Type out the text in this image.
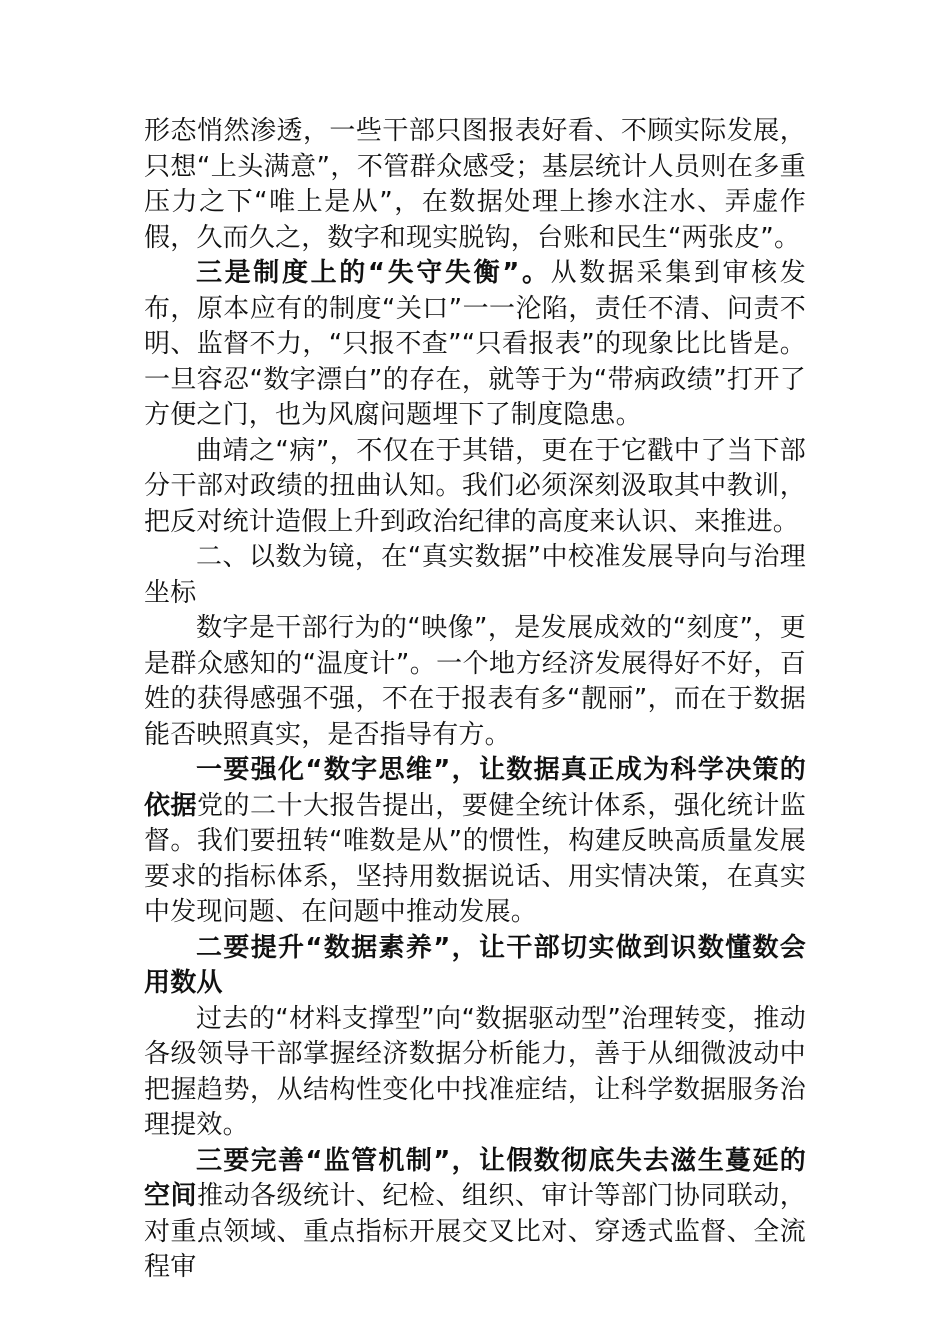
形态悄然渗透，一些干部只图报表好看、不顾实际发展，只想“上头满意”，不管群众感受；基层统计人员则在多重压力之下“唯上是从”，在数据处理上掺水注水、弄虚作假，久而久之，数字和现实脱钩，台账和民生“两张皮”。

三是制度上的“失守失衡”。从数据采集到审核发布，原本应有的制度“关口”一一沦陷，责任不清、问责不明、监督不力，“只报不查”“只看报表”的现象比比皆是。一旦容忍“数字漂白”的存在，就等于为“带病政绩”打开了方便之门，也为风腐问题埋下了制度隐患。

曲靖之“病”，不仅在于其错，更在于它戳中了当下部分干部对政绩的扭曲认知。我们必须深刻汲取其中教训，把反对统计造假上升到政治纪律的高度来认识、来推进。

二、以数为镜，在“真实数据”中校准发展导向与治理坐标

数字是干部行为的“映像”，是发展成效的“刻度”，更是群众感知的“温度计”。一个地方经济发展得好不好，百姓的获得感强不强，不在于报表有多“靓丽”，而在于数据能否映照真实，是否指导有方。

一要强化“数字思维”，让数据真正成为科学决策的依据党的二十大报告提出，要健全统计体系，强化统计监督。我们要扭转“唯数是从”的惯性，构建反映高质量发展要求的指标体系，坚持用数据说话、用实情决策，在真实中发现问题、在问题中推动发展。

二要提升“数据素养”，让干部切实做到识数懂数会用数从

过去的“材料支撑型”向“数据驱动型”治理转变，推动各级领导干部掌握经济数据分析能力，善于从细微波动中把握趋势，从结构性变化中找准症结，让科学数据服务治理提效。

三要完善“监管机制”，让假数彻底失去滋生蔓延的空间推动各级统计、纪检、组织、审计等部门协同联动，对重点领域、重点指标开展交叉比对、穿透式监督、全流程审
